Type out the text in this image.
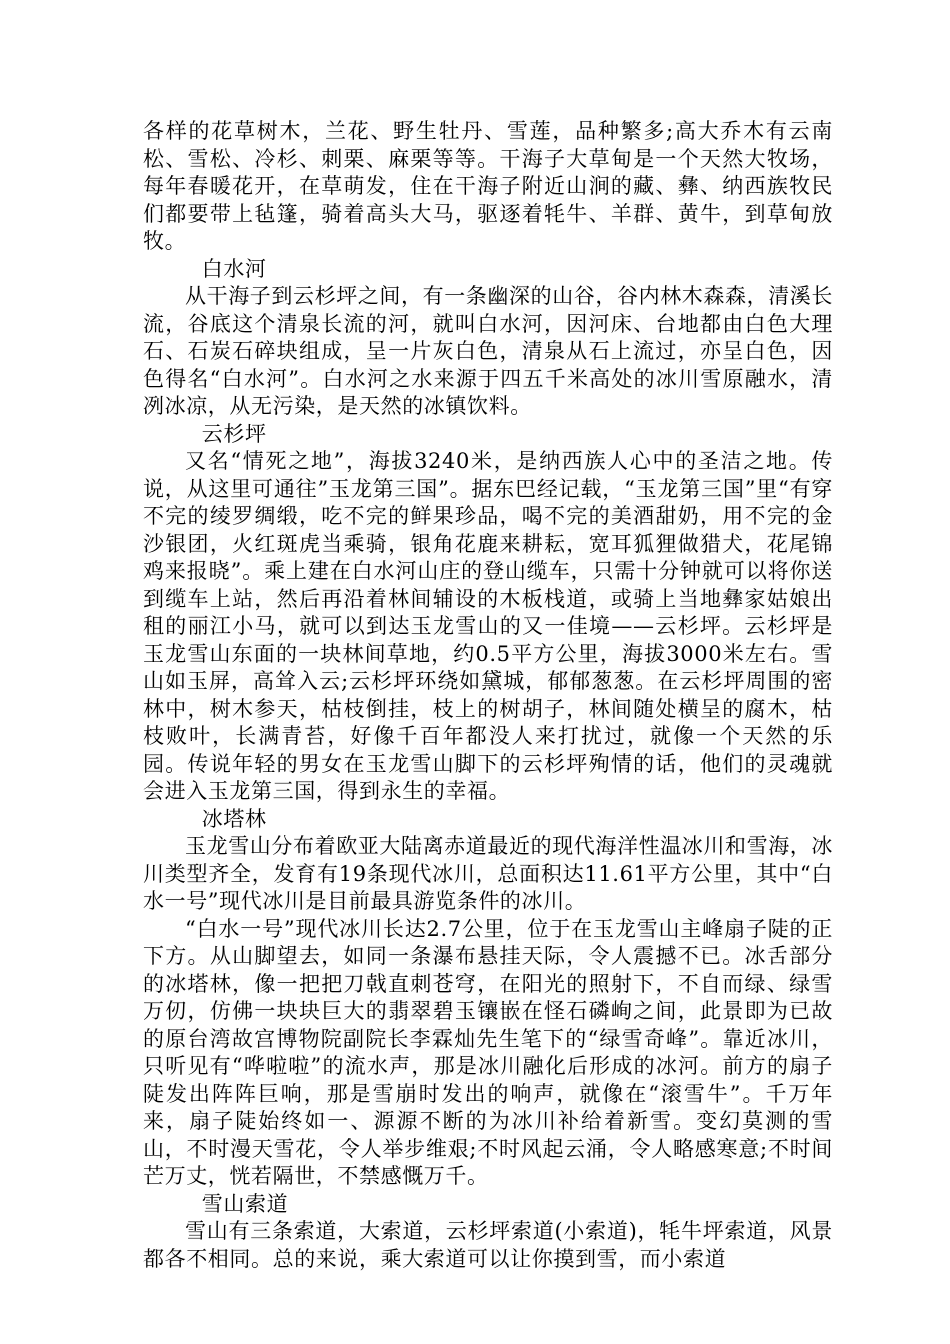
各样的花草树木，兰花、野生牡丹、雪莲，品种繁多;高大乔木有云南松、雪松、冷杉、刺栗、麻栗等等。干海子大草甸是一个天然大牧场，每年春暖花开，在草萌发，住在干海子附近山涧的藏、彝、纳西族牧民们都要带上毡篷，骑着高头大马，驱逐着牦牛、羊群、黄牛，到草甸放牧。

白水河

从干海子到云杉坪之间，有一条幽深的山谷，谷内林木森森，清溪长流，谷底这个清泉长流的河，就叫白水河，因河床、台地都由白色大理石、石炭石碎块组成，呈一片灰白色，清泉从石上流过，亦呈白色，因色得名“白水河”。白水河之水来源于四五千米高处的冰川雪原融水，清冽冰凉，从无污染，是天然的冰镇饮料。

云杉坪

又名“情死之地”，海拔3240米，是纳西族人心中的圣洁之地。传说，从这里可通往”玉龙第三国”。据东巴经记载，“玉龙第三国”里“有穿不完的绫罗绸缎，吃不完的鲜果珍品，喝不完的美酒甜奶，用不完的金沙银团，火红斑虎当乘骑，银角花鹿来耕耘，宽耳狐狸做猎犬，花尾锦鸡来报晓”。乘上建在白水河山庄的登山缆车，只需十分钟就可以将你送到缆车上站，然后再沿着林间辅设的木板栈道，或骑上当地彝家姑娘出租的丽江小马，就可以到达玉龙雪山的又一佳境——云杉坪。云杉坪是玉龙雪山东面的一块林间草地，约0.5平方公里，海拔3000米左右。雪山如玉屏，高耸入云;云杉坪环绕如黛城，郁郁葱葱。在云杉坪周围的密林中，树木参天，枯枝倒挂，枝上的树胡子，林间随处横呈的腐木，枯枝败叶，长满青苔，好像千百年都没人来打扰过，就像一个天然的乐园。传说年轻的男女在玉龙雪山脚下的云杉坪殉情的话，他们的灵魂就会进入玉龙第三国，得到永生的幸福。

冰塔林

玉龙雪山分布着欧亚大陆离赤道最近的现代海洋性温冰川和雪海，冰川类型齐全，发育有19条现代冰川，总面积达11.61平方公里，其中“白水一号”现代冰川是目前最具游览条件的冰川。

“白水一号”现代冰川长达2.7公里，位于在玉龙雪山主峰扇子陡的正下方。从山脚望去，如同一条瀑布悬挂天际，令人震撼不已。冰舌部分的冰塔林，像一把把刀戟直刺苍穹，在阳光的照射下，不自而绿、绿雪万仞，仿佛一块块巨大的翡翠碧玉镶嵌在怪石磷峋之间，此景即为已故的原台湾故宫博物院副院长李霖灿先生笔下的“绿雪奇峰”。靠近冰川，只听见有“哗啦啦”的流水声，那是冰川融化后形成的冰河。前方的扇子陡发出阵阵巨响，那是雪崩时发出的响声，就像在“滚雪牛”。千万年来，扇子陡始终如一、源源不断的为冰川补给着新雪。变幻莫测的雪山，不时漫天雪花，令人举步维艰;不时风起云涌，令人略感寒意;不时间芒万丈，恍若隔世，不禁感慨万千。

雪山索道

雪山有三条索道，大索道，云杉坪索道(小索道)，牦牛坪索道，风景都各不相同。总的来说，乘大索道可以让你摸到雪，而小索道
